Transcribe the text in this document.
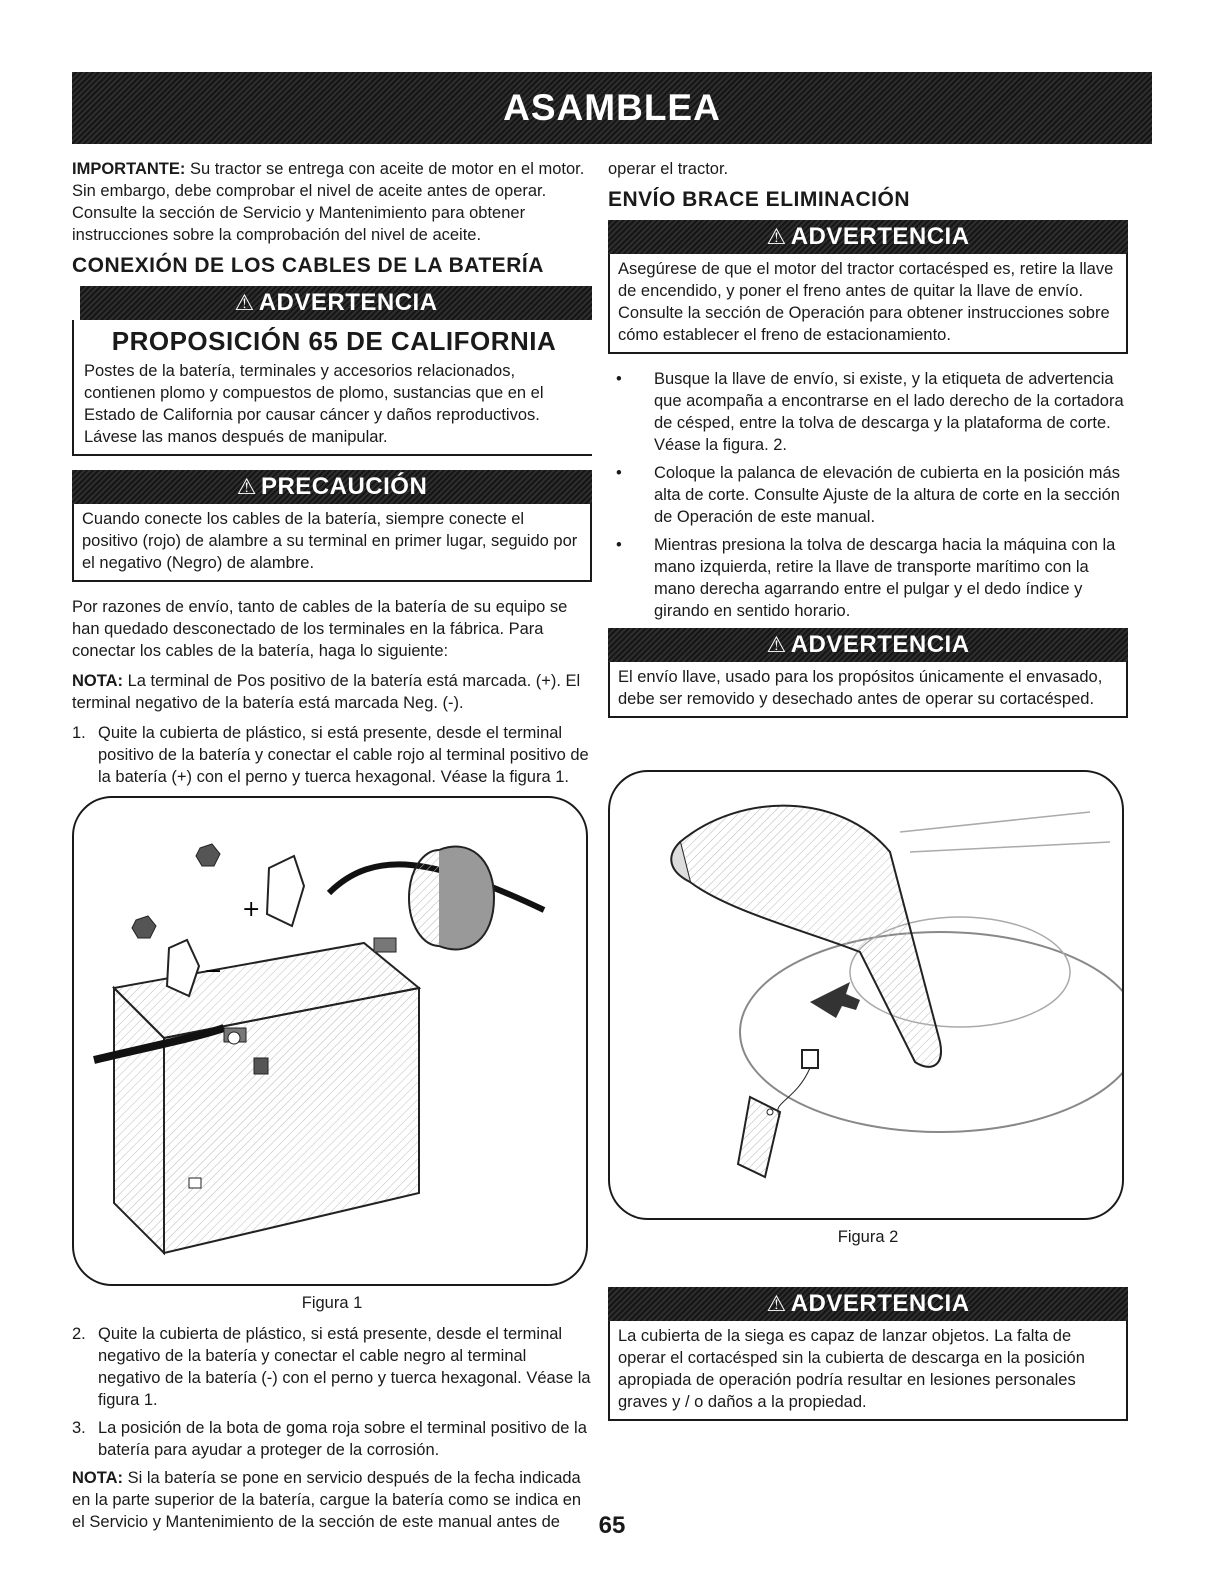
ASAMBLEA

IMPORTANTE: Su tractor se entrega con aceite de motor en el motor. Sin embargo, debe comprobar el nivel de aceite antes de operar. Consulte la sección de Servicio y Mantenimiento para obtener instrucciones sobre la comprobación del nivel de aceite.

CONEXIÓN DE LOS CABLES DE LA BATERÍA
⚠ ADVERTENCIA
PROPOSICIÓN 65 DE CALIFORNIA
Postes de la batería, terminales y accesorios relacionados, contienen plomo y compuestos de plomo, sustancias que en el Estado de California por causar cáncer y daños reproductivos. Lávese las manos después de manipular.
⚠ PRECAUCIÓN
Cuando conecte los cables de la batería, siempre conecte el positivo (rojo) de alambre a su terminal en primer lugar, seguido por el negativo (Negro) de alambre.

Por razones de envío, tanto de cables de la batería de su equipo se han quedado desconectado de los terminales en la fábrica. Para conectar los cables de la batería, haga lo siguiente:

NOTA: La terminal de Pos positivo de la batería está marcada. (+). El terminal negativo de la batería está marcada Neg. (-).

1. Quite la cubierta de plástico, si está presente, desde el terminal positivo de la batería y conectar el cable rojo al terminal positivo de la batería (+) con el perno y tuerca hexagonal. Véase la figura 1.
+
−
Figura 1
2. Quite la cubierta de plástico, si está presente, desde el terminal negativo de la batería y conectar el cable negro al terminal negativo de la batería (-) con el perno y tuerca hexagonal. Véase la figura 1.
3. La posición de la bota de goma roja sobre el terminal positivo de la batería para ayudar a proteger de la corrosión.

NOTA: Si la batería se pone en servicio después de la fecha indicada en la parte superior de la batería, cargue la batería como se indica en el Servicio y Mantenimiento de la sección de este manual antes de

operar el tractor.

ENVÍO BRACE ELIMINACIÓN
⚠ ADVERTENCIA
Asegúrese de que el motor del tractor cortacésped es, retire la llave de encendido, y poner el freno antes de quitar la llave de envío. Consulte la sección de Operación para obtener instrucciones sobre cómo establecer el freno de estacionamiento.
•	Busque la llave de envío, si existe, y la etiqueta de advertencia que acompaña a encontrarse en el lado derecho de la cortadora de césped, entre la tolva de descarga y la plataforma de corte. Véase la figura. 2.
•	Coloque la palanca de elevación de cubierta en la posición más alta de corte. Consulte Ajuste de la altura de corte en la sección de Operación de este manual.
•	Mientras presiona la tolva de descarga hacia la máquina con la mano izquierda, retire la llave de transporte marítimo con la mano derecha agarrando entre el pulgar y el dedo índice y girando en sentido horario.
⚠ ADVERTENCIA
El envío llave, usado para los propósitos únicamente el envasado, debe ser removido y desechado antes de operar su cortacésped.
Figura 2
⚠ ADVERTENCIA
La cubierta de la siega es capaz de lanzar objetos. La falta de operar el cortacésped sin la cubierta de descarga en la posición apropiada de operación podría resultar en lesiones personales graves y / o daños a la propiedad.
65
